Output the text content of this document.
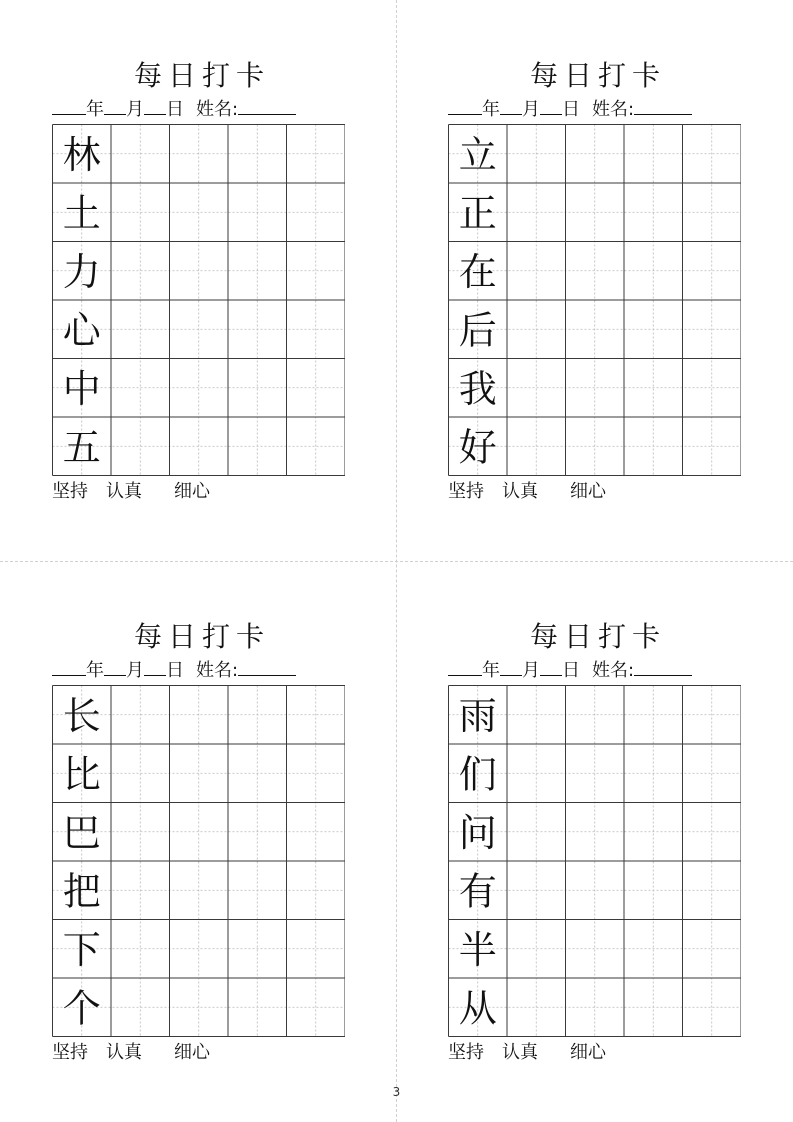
每日打卡
年 月 日 姓名:
林
土
力
心
中
五
坚持 认真 细心
每日打卡
年 月 日 姓名:
立
正
在
后
我
好
坚持 认真 细心
每日打卡
年 月 日 姓名:
长
比
巴
把
下
个
坚持 认真 细心
每日打卡
年 月 日 姓名:
雨
们
问
有
半
从
坚持 认真 细心
3
